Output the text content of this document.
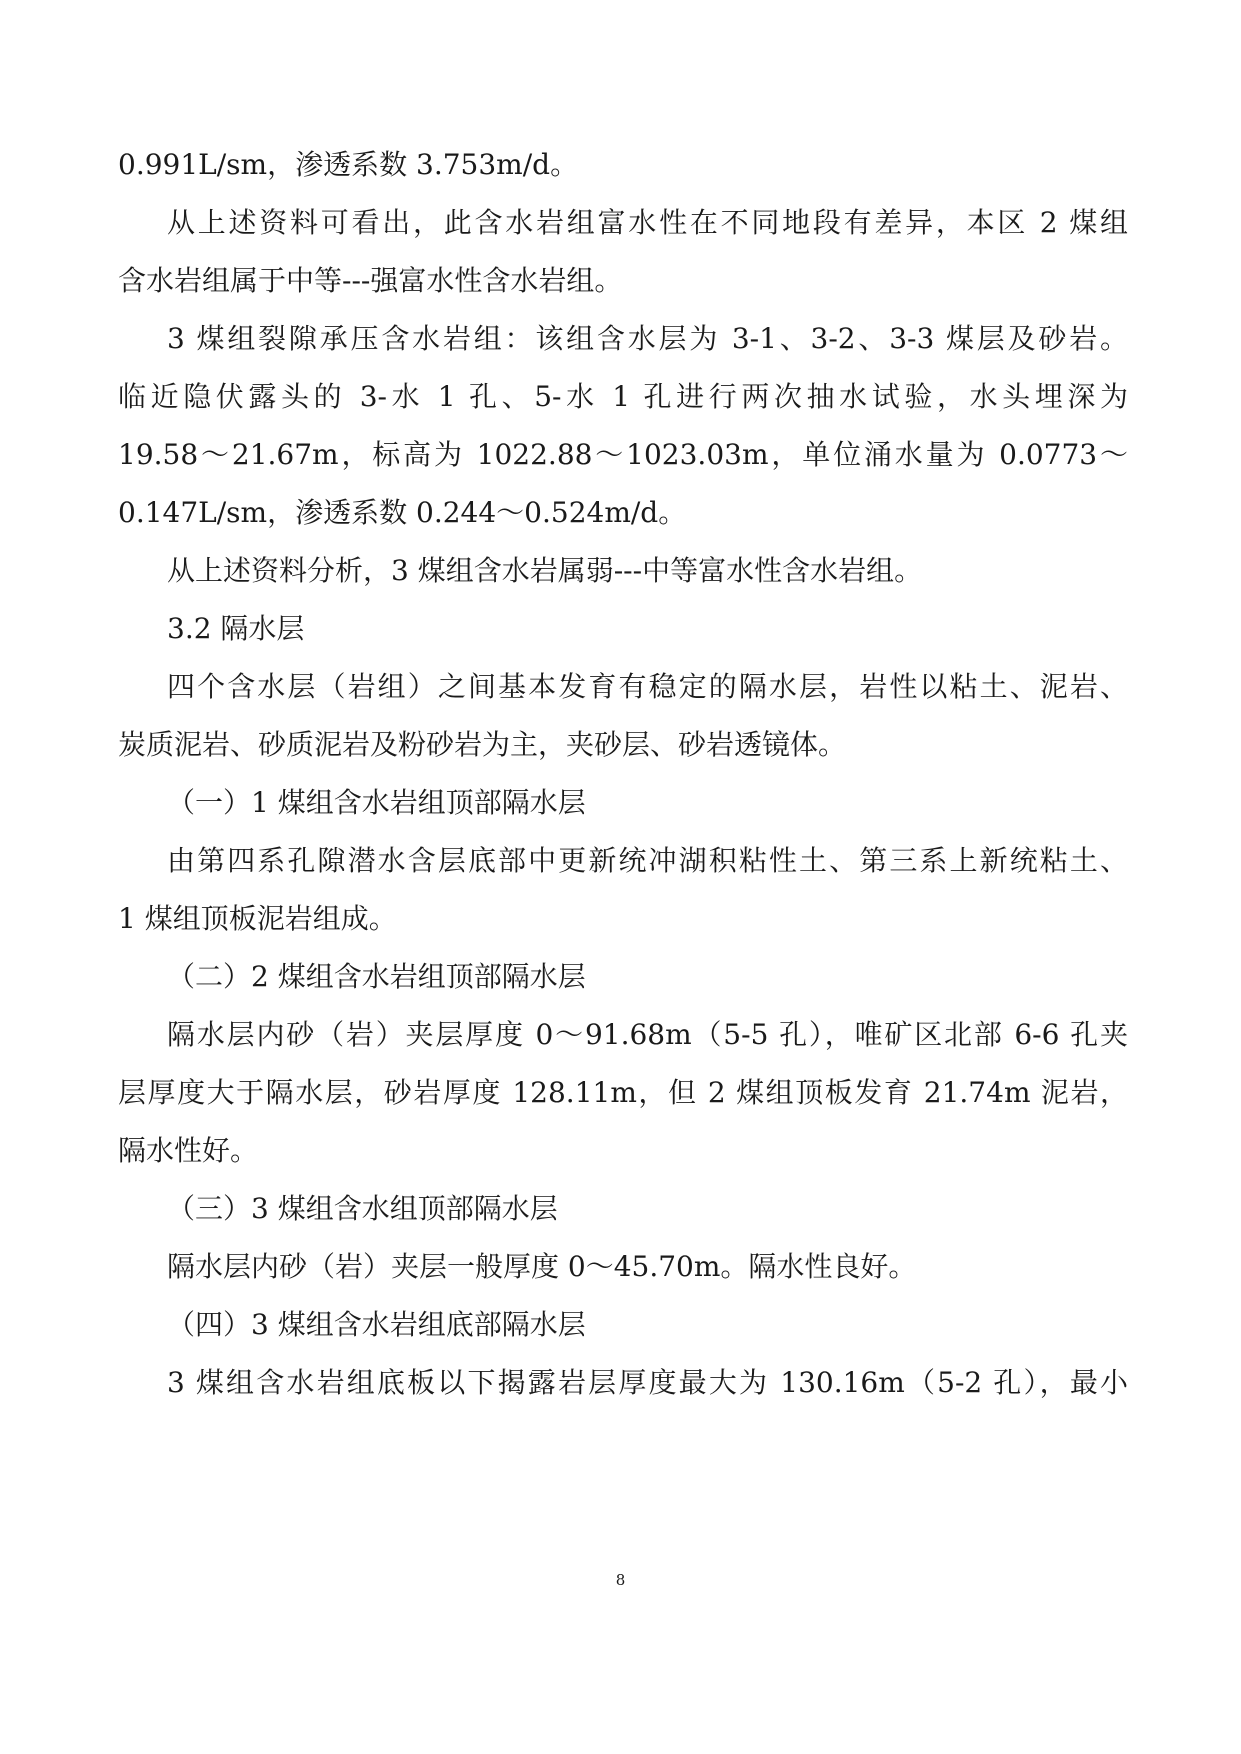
0.991L/sm，渗透系数 3.753m/d。
从上述资料可看出，此含水岩组富水性在不同地段有差异，本区 2 煤组
含水岩组属于中等---强富水性含水岩组。
3 煤组裂隙承压含水岩组：该组含水层为 3-1、3-2、3-3 煤层及砂岩。
临近隐伏露头的 3-水 1 孔、5-水 1 孔进行两次抽水试验，水头埋深为
19.58～21.67m，标高为 1022.88～1023.03m，单位涌水量为 0.0773～
0.147L/sm，渗透系数 0.244～0.524m/d。
从上述资料分析，3 煤组含水岩属弱---中等富水性含水岩组。
3.2 隔水层
四个含水层（岩组）之间基本发育有稳定的隔水层，岩性以粘土、泥岩、
炭质泥岩、砂质泥岩及粉砂岩为主，夹砂层、砂岩透镜体。
（一）1 煤组含水岩组顶部隔水层
由第四系孔隙潜水含层底部中更新统冲湖积粘性土、第三系上新统粘土、
1 煤组顶板泥岩组成。
（二）2 煤组含水岩组顶部隔水层
隔水层内砂（岩）夹层厚度 0～91.68m（5-5 孔），唯矿区北部 6-6 孔夹
层厚度大于隔水层，砂岩厚度 128.11m，但 2 煤组顶板发育 21.74m 泥岩，
隔水性好。
（三）3 煤组含水组顶部隔水层
隔水层内砂（岩）夹层一般厚度 0～45.70m。隔水性良好。
（四）3 煤组含水岩组底部隔水层
3 煤组含水岩组底板以下揭露岩层厚度最大为 130.16m（5-2 孔），最小
8
